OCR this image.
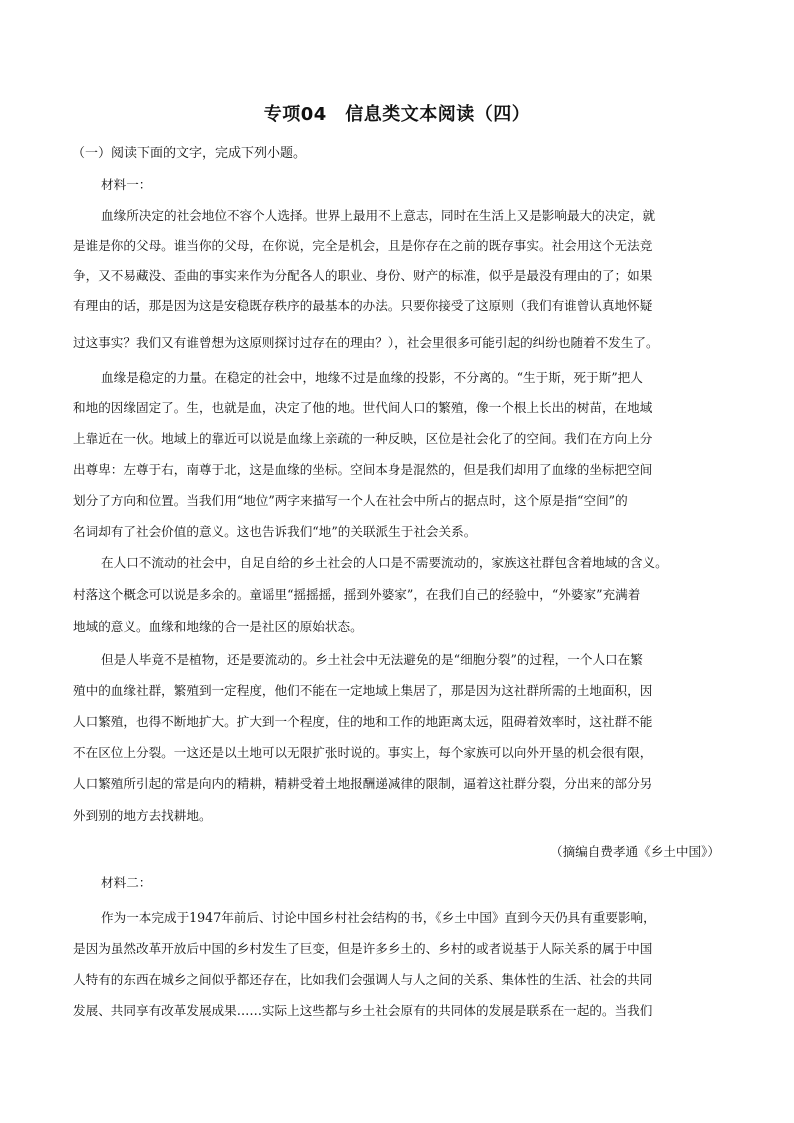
专项04　信息类文本阅读（四）

（一）阅读下面的文字，完成下列小题。

材料一：

血缘所决定的社会地位不容个人选择。世界上最用不上意志，同时在生活上又是影响最大的决定，就

是谁是你的父母。谁当你的父母，在你说，完全是机会，且是你存在之前的既存事实。社会用这个无法竞

争，又不易藏没、歪曲的事实来作为分配各人的职业、身份、财产的标准，似乎是最没有理由的了；如果

有理由的话，那是因为这是安稳既存秩序的最基本的办法。只要你接受了这原则（我们有谁曾认真地怀疑

过这事实？我们又有谁曾想为这原则探讨过存在的理由？），社会里很多可能引起的纠纷也随着不发生了。

血缘是稳定的力量。在稳定的社会中，地缘不过是血缘的投影，不分离的。“生于斯，死于斯”把人

和地的因缘固定了。生，也就是血，决定了他的地。世代间人口的繁殖，像一个根上长出的树苗，在地域

上靠近在一伙。地域上的靠近可以说是血缘上亲疏的一种反映，区位是社会化了的空间。我们在方向上分

出尊卑：左尊于右，南尊于北，这是血缘的坐标。空间本身是混然的，但是我们却用了血缘的坐标把空间

划分了方向和位置。当我们用“地位”两字来描写一个人在社会中所占的据点时，这个原是指“空间”的

名词却有了社会价值的意义。这也告诉我们“地”的关联派生于社会关系。

在人口不流动的社会中，自足自给的乡土社会的人口是不需要流动的，家族这社群包含着地域的含义。

村落这个概念可以说是多余的。童谣里“摇摇摇，摇到外婆家”，在我们自己的经验中，“外婆家”充满着

地域的意义。血缘和地缘的合一是社区的原始状态。

但是人毕竟不是植物，还是要流动的。乡土社会中无法避免的是“细胞分裂”的过程，一个人口在繁

殖中的血缘社群，繁殖到一定程度，他们不能在一定地域上集居了，那是因为这社群所需的土地面积，因

人口繁殖，也得不断地扩大。扩大到一个程度，住的地和工作的地距离太远，阻碍着效率时，这社群不能

不在区位上分裂。一这还是以土地可以无限扩张时说的。事实上，每个家族可以向外开垦的机会很有限，

人口繁殖所引起的常是向内的精耕，精耕受着土地报酬递减律的限制，逼着这社群分裂，分出来的部分另

外到别的地方去找耕地。

（摘编自费孝通《乡土中国》）

材料二：

作为一本完成于1947年前后、讨论中国乡村社会结构的书，《乡土中国》直到今天仍具有重要影响，

是因为虽然改革开放后中国的乡村发生了巨变，但是许多乡土的、乡村的或者说基于人际关系的属于中国

人特有的东西在城乡之间似乎都还存在，比如我们会强调人与人之间的关系、集体性的生活、社会的共同

发展、共同享有改革发展成果……实际上这些都与乡土社会原有的共同体的发展是联系在一起的。当我们
